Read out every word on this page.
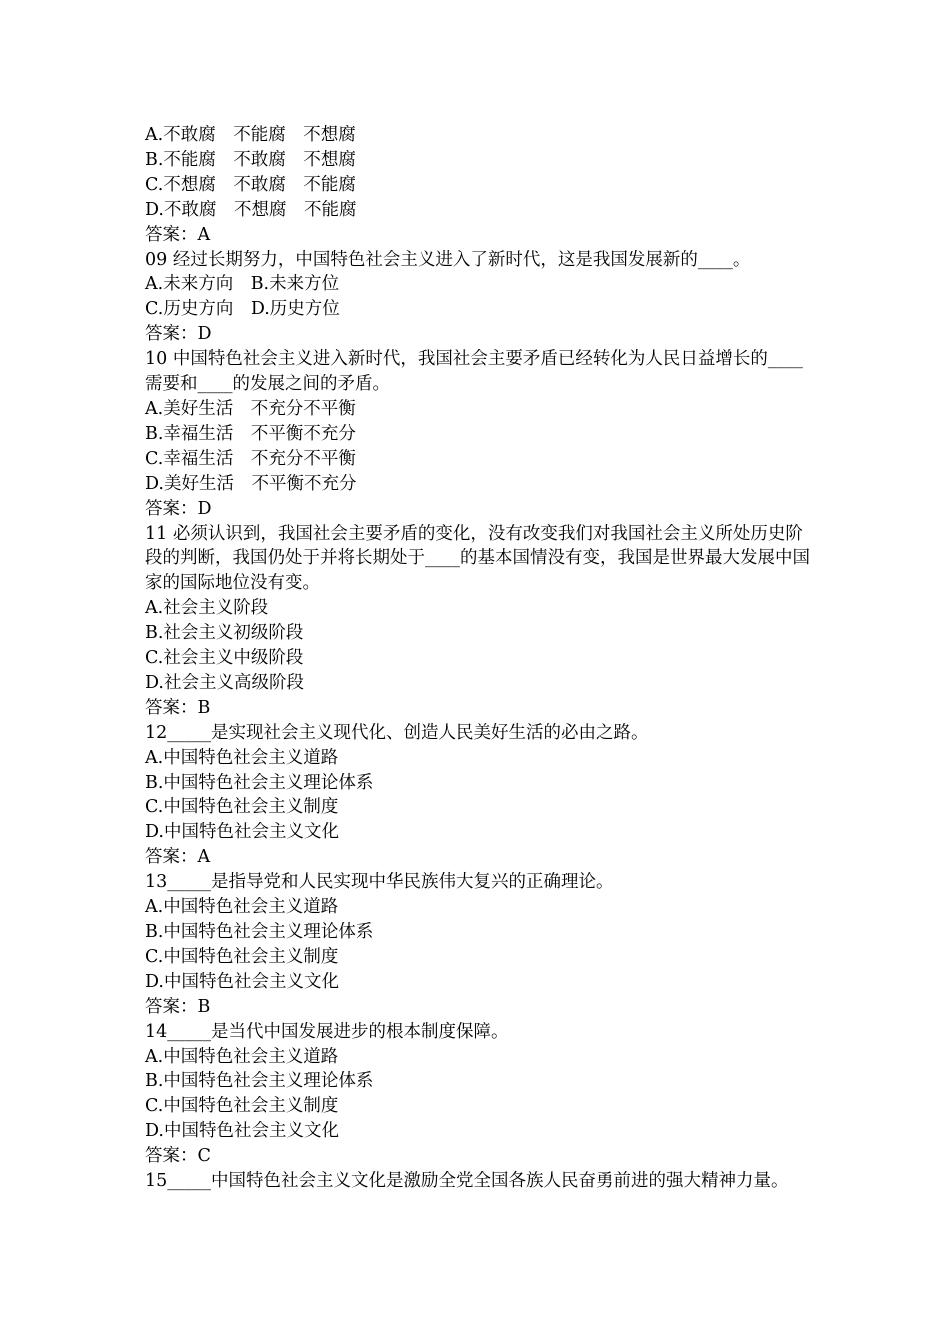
A.不敢腐　不能腐　不想腐

B.不能腐　不敢腐　不想腐

C.不想腐　不敢腐　不能腐

D.不敢腐　不想腐　不能腐

答案：A

09 经过长期努力，中国特色社会主义进入了新时代，这是我国发展新的____。

A.未来方向　B.未来方位

C.历史方向　D.历史方位

答案：D

10 中国特色社会主义进入新时代，我国社会主要矛盾已经转化为人民日益增长的____需要和____的发展之间的矛盾。

A.美好生活　不充分不平衡

B.幸福生活　不平衡不充分

C.幸福生活　不充分不平衡

D.美好生活　不平衡不充分

答案：D

11 必须认识到，我国社会主要矛盾的变化，没有改变我们对我国社会主义所处历史阶段的判断，我国仍处于并将长期处于____的基本国情没有变，我国是世界最大发展中国家的国际地位没有变。

A.社会主义阶段

B.社会主义初级阶段

C.社会主义中级阶段

D.社会主义高级阶段

答案：B

12_____是实现社会主义现代化、创造人民美好生活的必由之路。

A.中国特色社会主义道路

B.中国特色社会主义理论体系

C.中国特色社会主义制度

D.中国特色社会主义文化

答案：A

13_____是指导党和人民实现中华民族伟大复兴的正确理论。

A.中国特色社会主义道路

B.中国特色社会主义理论体系

C.中国特色社会主义制度

D.中国特色社会主义文化

答案：B

14_____是当代中国发展进步的根本制度保障。

A.中国特色社会主义道路

B.中国特色社会主义理论体系

C.中国特色社会主义制度

D.中国特色社会主义文化

答案：C

15_____中国特色社会主义文化是激励全党全国各族人民奋勇前进的强大精神力量。
